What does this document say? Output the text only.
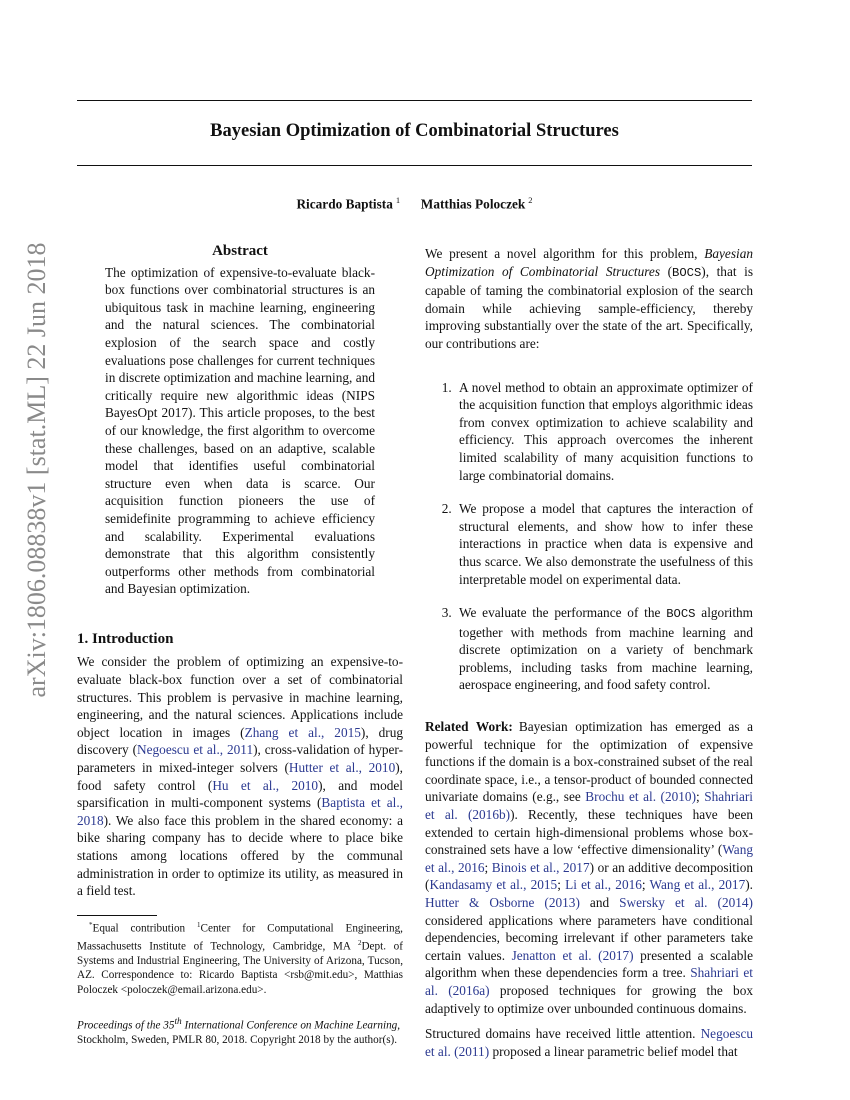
arXiv:1806.08838v1 [stat.ML] 22 Jun 2018
Bayesian Optimization of Combinatorial Structures
Ricardo Baptista $^1$ Matthias Poloczek $^2$
Abstract

The optimization of expensive-to-evaluate black-box functions over combinatorial structures is an ubiquitous task in machine learning, engineering and the natural sciences. The combinatorial explosion of the search space and costly evaluations pose challenges for current techniques in discrete optimization and machine learning, and critically require new algorithmic ideas (NIPS BayesOpt 2017). This article proposes, to the best of our knowledge, the first algorithm to overcome these challenges, based on an adaptive, scalable model that identifies useful combinatorial structure even when data is scarce. Our acquisition function pioneers the use of semidefinite programming to achieve efficiency and scalability. Experimental evaluations demonstrate that this algorithm consistently outperforms other methods from combinatorial and Bayesian optimization.

1. Introduction

We consider the problem of optimizing an expensive-to-evaluate black-box function over a set of combinatorial structures. This problem is pervasive in machine learning, engineering, and the natural sciences. Applications include object location in images (Zhang et al., 2015), drug discovery (Negoescu et al., 2011), cross-validation of hyper-parameters in mixed-integer solvers (Hutter et al., 2010), food safety control (Hu et al., 2010), and model sparsification in multi-component systems (Baptista et al., 2018). We also face this problem in the shared economy: a bike sharing company has to decide where to place bike stations among locations offered by the communal administration in order to optimize its utility, as measured in a field test.

*Equal contribution $^1$Center for Computational Engineering, Massachusetts Institute of Technology, Cambridge, MA $^2$Dept. of Systems and Industrial Engineering, The University of Arizona, Tucson, AZ. Correspondence to: Ricardo Baptista <rsb@mit.edu>, Matthias Poloczek <poloczek@email.arizona.edu>.

Proceedings of the 35th International Conference on Machine Learning, Stockholm, Sweden, PMLR 80, 2018. Copyright 2018 by the author(s).

We present a novel algorithm for this problem, Bayesian Optimization of Combinatorial Structures (BOCS), that is capable of taming the combinatorial explosion of the search domain while achieving sample-efficiency, thereby improving substantially over the state of the art. Specifically, our contributions are:

1. A novel method to obtain an approximate optimizer of the acquisition function that employs algorithmic ideas from convex optimization to achieve scalability and efficiency. This approach overcomes the inherent limited scalability of many acquisition functions to large combinatorial domains.
2. We propose a model that captures the interaction of structural elements, and show how to infer these interactions in practice when data is expensive and thus scarce. We also demonstrate the usefulness of this interpretable model on experimental data.
3. We evaluate the performance of the BOCS algorithm together with methods from machine learning and discrete optimization on a variety of benchmark problems, including tasks from machine learning, aerospace engineering, and food safety control.

Related Work: Bayesian optimization has emerged as a powerful technique for the optimization of expensive functions if the domain is a box-constrained subset of the real coordinate space, i.e., a tensor-product of bounded connected univariate domains (e.g., see Brochu et al. (2010); Shahriari et al. (2016b)). Recently, these techniques have been extended to certain high-dimensional problems whose box-constrained sets have a low ‘effective dimensionality’ (Wang et al., 2016; Binois et al., 2017) or an additive decomposition (Kandasamy et al., 2015; Li et al., 2016; Wang et al., 2017). Hutter & Osborne (2013) and Swersky et al. (2014) considered applications where parameters have conditional dependencies, becoming irrelevant if other parameters take certain values. Jenatton et al. (2017) presented a scalable algorithm when these dependencies form a tree. Shahriari et al. (2016a) proposed techniques for growing the box adaptively to optimize over unbounded continuous domains.

Structured domains have received little attention. Negoescu et al. (2011) proposed a linear parametric belief model that
